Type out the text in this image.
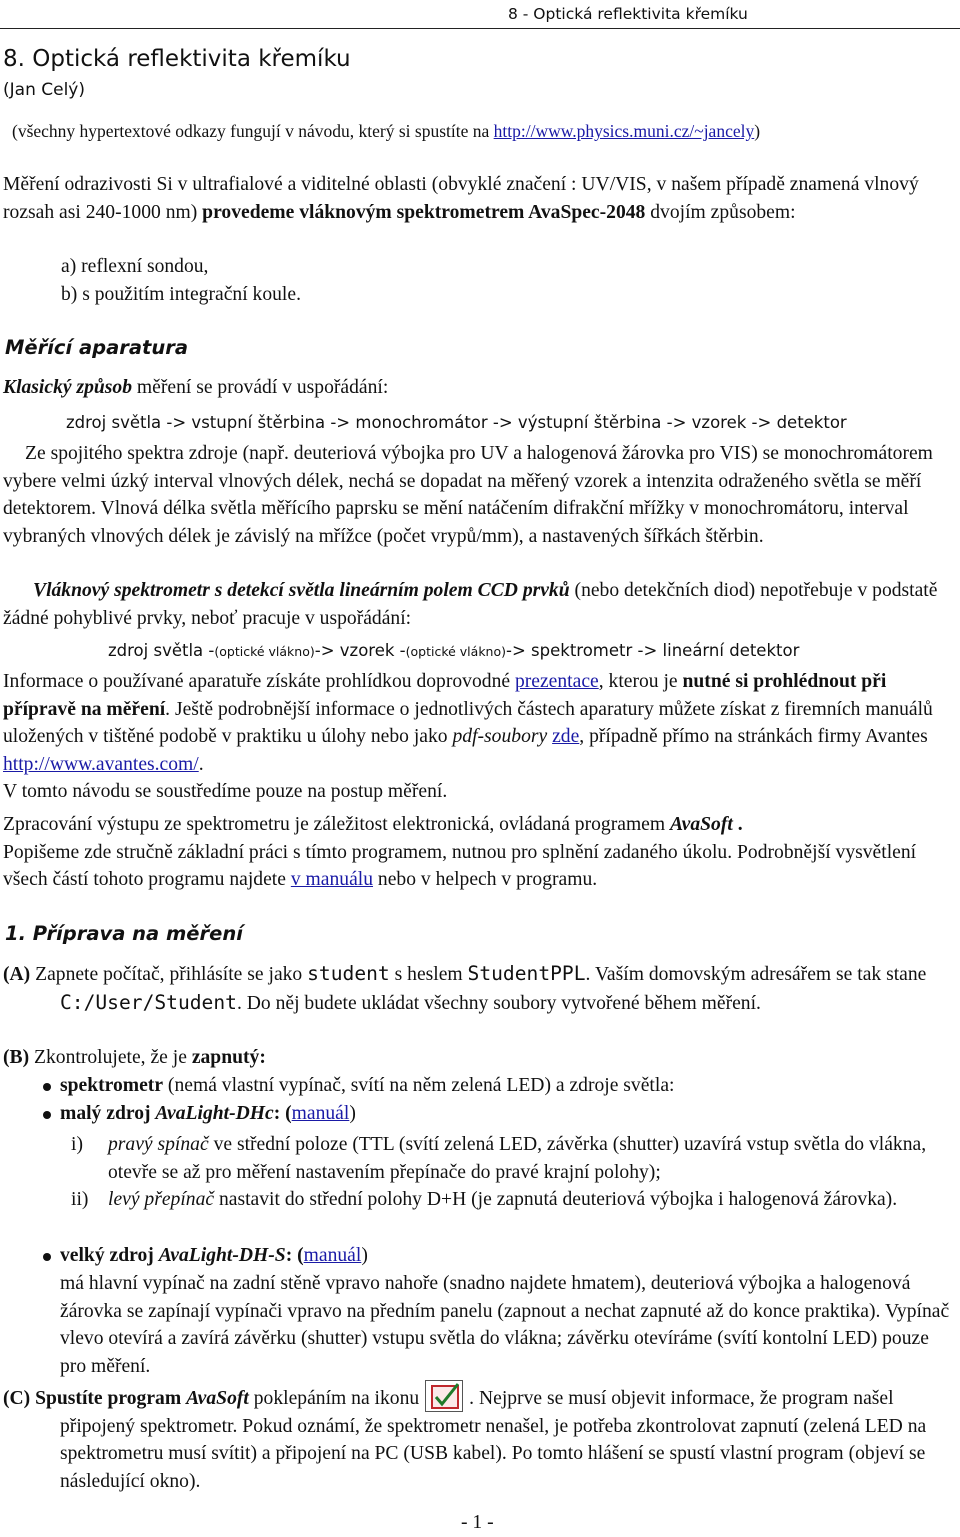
8 - Optická reflektivita křemíku
8. Optická reflektivita křemíku
(Jan Celý)
(všechny hypertextové odkazy fungují v návodu, který si spustíte na http://www.physics.muni.cz/~jancely)
Měření odrazivosti Si v ultrafialové a viditelné oblasti (obvyklé značení : UV/VIS, v našem případě znamená vlnový rozsah asi 240-1000 nm) provedeme vláknovým spektrometrem AvaSpec-2048 dvojím způsobem:
a) reflexní sondou,
b) s použitím integrační koule.
Měřící aparatura
Klasický způsob měření se provádí v uspořádání:
zdroj světla -> vstupní štěrbina -> monochromátor -> výstupní štěrbina -> vzorek -> detektor
Ze spojitého spektra zdroje (např. deuteriová výbojka pro UV a halogenová žárovka pro VIS) se monochromátorem vybere velmi úzký interval vlnových délek, nechá se dopadat na měřený vzorek a intenzita odraženého světla se měří detektorem. Vlnová délka světla měřícího paprsku se mění natáčením difrakční mřížky v monochromátoru, interval vybraných vlnových délek je závislý na mřížce (počet vrypů/mm), a nastavených šířkách štěrbin.
Vláknový spektrometr s detekcí světla lineárním polem CCD prvků (nebo detekčních diod) nepotřebuje v podstatě žádné pohyblivé prvky, neboť pracuje v uspořádání:
zdroj světla -(optické vlákno)-> vzorek -(optické vlákno)-> spektrometr -> lineární detektor
Informace o používané aparatuře získáte prohlídkou doprovodné prezentace, kterou je nutné si prohlédnout při přípravě na měření. Ještě podrobnější informace o jednotlivých částech aparatury můžete získat z firemních manuálů uložených v tištěné podobě v praktiku u úlohy nebo jako pdf-soubory zde, případně přímo na stránkách firmy Avantes http://www.avantes.com/.
V tomto návodu se soustředíme pouze na postup měření.
Zpracování výstupu ze spektrometru je záležitost elektronická, ovládaná programem AvaSoft .
Popišeme zde stručně základní práci s tímto programem, nutnou pro splnění zadaného úkolu. Podrobnější vysvětlení všech částí tohoto programu najdete v manuálu nebo v helpech v programu.
1. Příprava na měření
(A) Zapnete počítač, přihlásíte se jako student s heslem StudentPPL. Vaším domovským adresářem se tak stane C:/User/Student. Do něj budete ukládat všechny soubory vytvořené během měření.
(B) Zkontrolujete, že je zapnutý:
spektrometr (nemá vlastní vypínač, svítí na něm zelená LED) a zdroje světla:
malý zdroj AvaLight-DHc: (manuál)
i) pravý spínač ve střední poloze (TTL (svítí zelená LED, závěrka (shutter) uzavírá vstup světla do vlákna, otevře se až pro měření nastavením přepínače do pravé krajní polohy);
ii) levý přepínač nastavit do střední polohy D+H (je zapnutá deuteriová výbojka i halogenová žárovka).
velký zdroj AvaLight-DH-S: (manuál)
má hlavní vypínač na zadní stěně vpravo nahoře (snadno najdete hmatem), deuteriová výbojka a halogenová žárovka se zapínají vypínači vpravo na předním panelu (zapnout a nechat zapnuté až do konce praktika). Vypínač vlevo otevírá a zavírá závěrku (shutter) vstupu světla do vlákna; závěrku otevíráme (svítí kontolní LED) pouze pro měření.
(C) Spustíte program AvaSoft poklepáním na ikonu	. Nejprve se musí objevit informace, že program našel připojený spektrometr. Pokud oznámí, že spektrometr nenašel, je potřeba zkontrolovat zapnutí (zelená LED na spektrometru musí svítit) a připojení na PC (USB kabel). Po tomto hlášení se spustí vlastní program (objeví se následující okno).
- 1 -
